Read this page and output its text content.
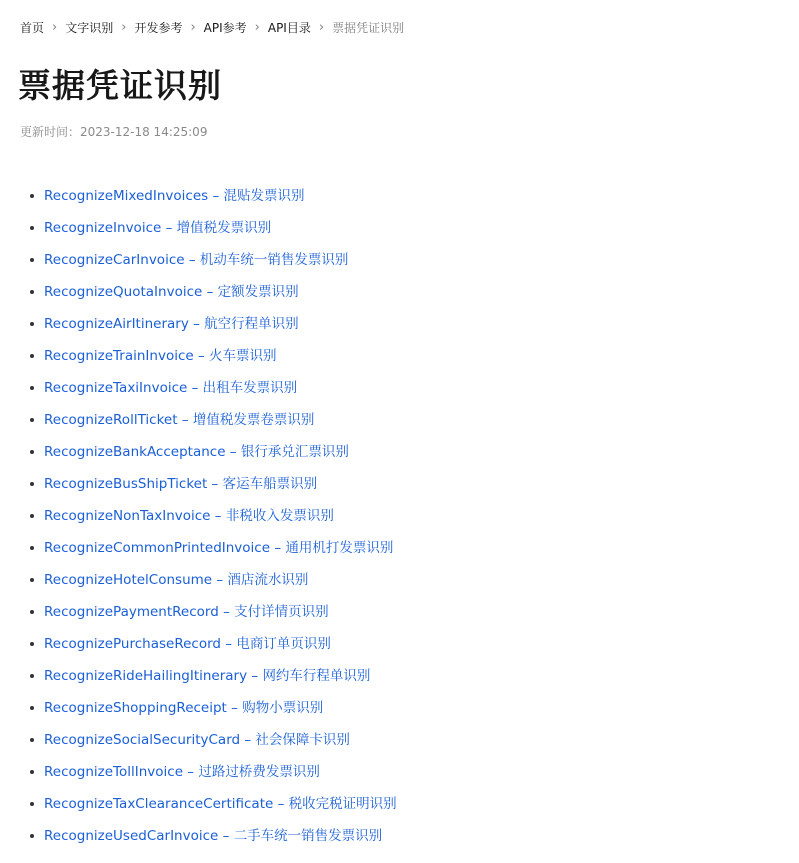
首页 › 文字识别 › 开发参考 › API参考 › API目录 › 票据凭证识别
票据凭证识别
更新时间：2023-12-18 14:25:09
RecognizeMixedInvoices – 混贴发票识别
RecognizeInvoice – 增值税发票识别
RecognizeCarInvoice – 机动车统一销售发票识别
RecognizeQuotaInvoice – 定额发票识别
RecognizeAirItinerary – 航空行程单识别
RecognizeTrainInvoice – 火车票识别
RecognizeTaxiInvoice – 出租车发票识别
RecognizeRollTicket – 增值税发票卷票识别
RecognizeBankAcceptance – 银行承兑汇票识别
RecognizeBusShipTicket – 客运车船票识别
RecognizeNonTaxInvoice – 非税收入发票识别
RecognizeCommonPrintedInvoice – 通用机打发票识别
RecognizeHotelConsume – 酒店流水识别
RecognizePaymentRecord – 支付详情页识别
RecognizePurchaseRecord – 电商订单页识别
RecognizeRideHailingItinerary – 网约车行程单识别
RecognizeShoppingReceipt – 购物小票识别
RecognizeSocialSecurityCard – 社会保障卡识别
RecognizeTollInvoice – 过路过桥费发票识别
RecognizeTaxClearanceCertificate – 税收完税证明识别
RecognizeUsedCarInvoice – 二手车统一销售发票识别
